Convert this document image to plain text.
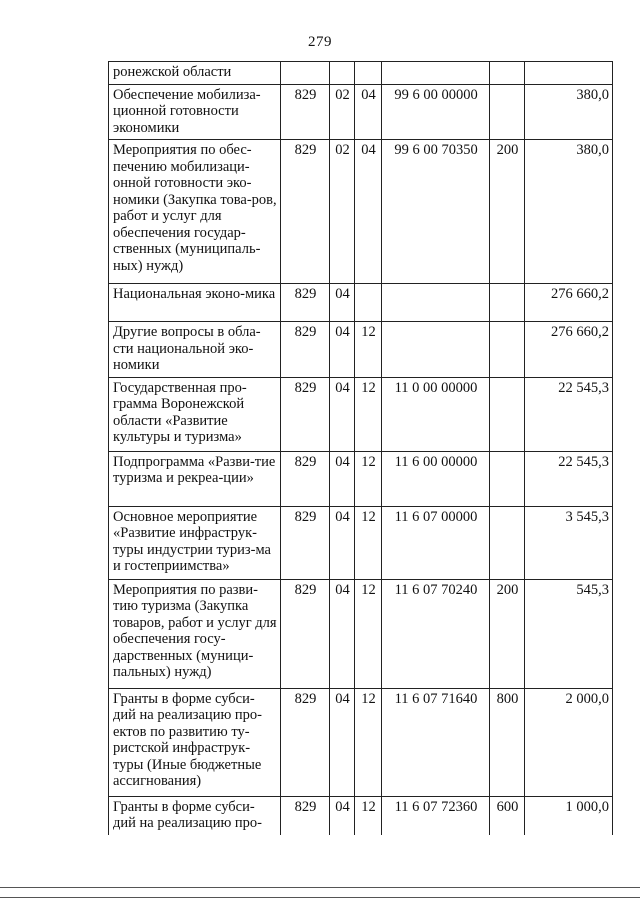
279
ронежской области						
Обеспечение мобилиза-ционной готовности экономики	829	02	04	99 6 00 00000		380,0
Мероприятия по обес-печению мобилизаци-онной готовности эко-номики (Закупка това-ров, работ и услуг для обеспечения государ-ственных (муниципаль-ных) нужд)	829	02	04	99 6 00 70350	200	380,0
Национальная эконо-мика	829	04				276 660,2
Другие вопросы в обла-сти национальной эко-номики	829	04	12			276 660,2
Государственная про-грамма Воронежской области «Развитие культуры и туризма»	829	04	12	11 0 00 00000		22 545,3
Подпрограмма «Разви-тие туризма и рекреа-ции»	829	04	12	11 6 00 00000		22 545,3
Основное мероприятие «Развитие инфраструк-туры индустрии туриз-ма и гостеприимства»	829	04	12	11 6 07 00000		3 545,3
Мероприятия по разви-тию туризма (Закупка товаров, работ и услуг для обеспечения госу-дарственных (муници-пальных) нужд)	829	04	12	11 6 07 70240	200	545,3
Гранты в форме субси-дий на реализацию про-ектов по развитию ту-ристской инфраструк-туры (Иные бюджетные ассигнования)	829	04	12	11 6 07 71640	800	2 000,0
Гранты в форме субси-дий на реализацию про-	829	04	12	11 6 07 72360	600	1 000,0
